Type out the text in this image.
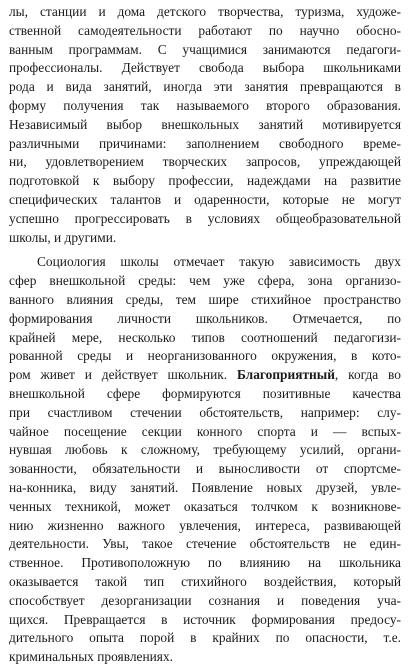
лы, станции и дома детского творчества, туризма, художе-
ственной самодеятельности работают по научно обосно-
ванным программам. С учащимися занимаются педагоги-
профессионалы. Действует свобода выбора школьниками
рода и вида занятий, иногда эти занятия превращаются в
форму получения так называемого второго образования.
Независимый выбор внешкольных занятий мотивируется
различными причинами: заполнением свободного време-
ни, удовлетворением творческих запросов, упреждающей
подготовкой к выбору профессии, надеждами на развитие
специфических талантов и одаренности, которые не могут
успешно прогрессировать в условиях общеобразовательной
школы, и другими.
Социология школы отмечает такую зависимость двух
сфер внешкольной среды: чем уже сфера, зона организо-
ванного влияния среды, тем шире стихийное пространство
формирования личности школьников. Отмечается, по
крайней мере, несколько типов соотношений педагогизи-
рованной среды и неорганизованного окружения, в кото-
ром живет и действует школьник. Благоприятный, когда во
внешкольной сфере формируются позитивные качества
при счастливом стечении обстоятельств, например: слу-
чайное посещение секции конного спорта и — вспых-
нувшая любовь к сложному, требующему усилий, органи-
зованности, обязательности и выносливости от спортсме-
на-конника, виду занятий. Появление новых друзей, увле-
ченных техникой, может оказаться толчком к возникнове-
нию жизненно важного увлечения, интереса, развивающей
деятельности. Увы, такое стечение обстоятельств не един-
ственное. Противоположную по влиянию на школьника
оказывается такой тип стихийного воздействия, который
способствует дезорганизации сознания и поведения уча-
щихся. Превращается в источник формирования предосу-
дительного опыта порой в крайних по опасности, т.е.
криминальных проявлениях.
